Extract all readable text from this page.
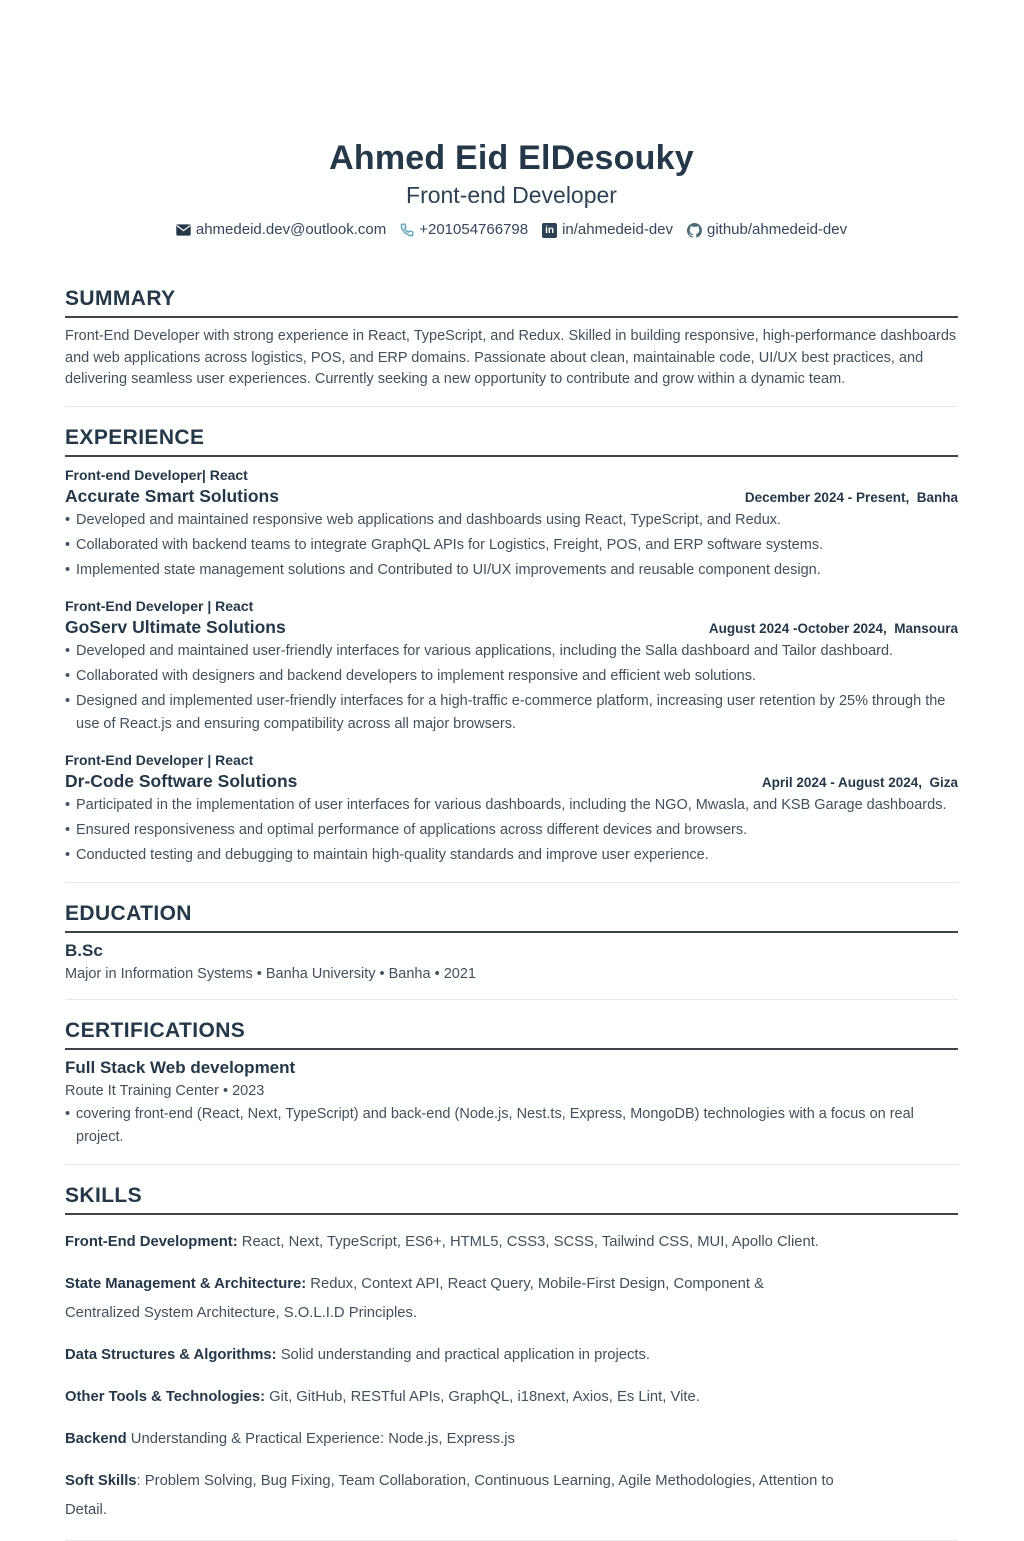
Ahmed Eid ElDesouky
Front-end Developer
ahmedeid.dev@outlook.com +201054766798	in in/ahmedeid-dev github/ahmedeid-dev
SUMMARY

Front-End Developer with strong experience in React, TypeScript, and Redux. Skilled in building responsive, high-performance dashboards and web applications across logistics, POS, and ERP domains. Passionate about clean, maintainable code, UI/UX best practices, and delivering seamless user experiences. Currently seeking a new opportunity to contribute and grow within a dynamic team.

EXPERIENCE

Front-end Developer| React

Accurate Smart Solutions	December 2024 - Present,  Banha

• Developed and maintained responsive web applications and dashboards using React, TypeScript, and Redux.

• Collaborated with backend teams to integrate GraphQL APIs for Logistics, Freight, POS, and ERP software systems.

• Implemented state management solutions and Contributed to UI/UX improvements and reusable component design.

Front-End Developer | React

GoServ Ultimate Solutions	August 2024 -October 2024,  Mansoura

• Developed and maintained user-friendly interfaces for various applications, including the Salla dashboard and Tailor dashboard.

• Collaborated with designers and backend developers to implement responsive and efficient web solutions.

• Designed and implemented user-friendly interfaces for a high-traffic e-commerce platform, increasing user retention by 25% through the use of React.js and ensuring compatibility across all major browsers.

Front-End Developer | React

Dr-Code Software Solutions	April 2024 - August 2024,  Giza

• Participated in the implementation of user interfaces for various dashboards, including the NGO, Mwasla, and KSB Garage dashboards.

• Ensured responsiveness and optimal performance of applications across different devices and browsers.

• Conducted testing and debugging to maintain high-quality standards and improve user experience.

EDUCATION
B.Sc

Major in Information Systems • Banha University • Banha • 2021

CERTIFICATIONS
Full Stack Web development

Route It Training Center • 2023

• covering front-end (React, Next, TypeScript) and back-end (Node.js, Nest.ts, Express, MongoDB) technologies with a focus on real project.

SKILLS

Front-End Development: React, Next, TypeScript, ES6+, HTML5, CSS3, SCSS, Tailwind CSS, MUI, Apollo Client.

State Management & Architecture: Redux, Context API, React Query, Mobile-First Design, Component & Centralized System Architecture, S.O.L.I.D Principles.

Data Structures & Algorithms: Solid understanding and practical application in projects.

Other Tools & Technologies: Git, GitHub, RESTful APIs, GraphQL, i18next, Axios, Es Lint, Vite.

Backend Understanding & Practical Experience: Node.js, Express.js

Soft Skills: Problem Solving, Bug Fixing, Team Collaboration, Continuous Learning, Agile Methodologies, Attention to Detail.
